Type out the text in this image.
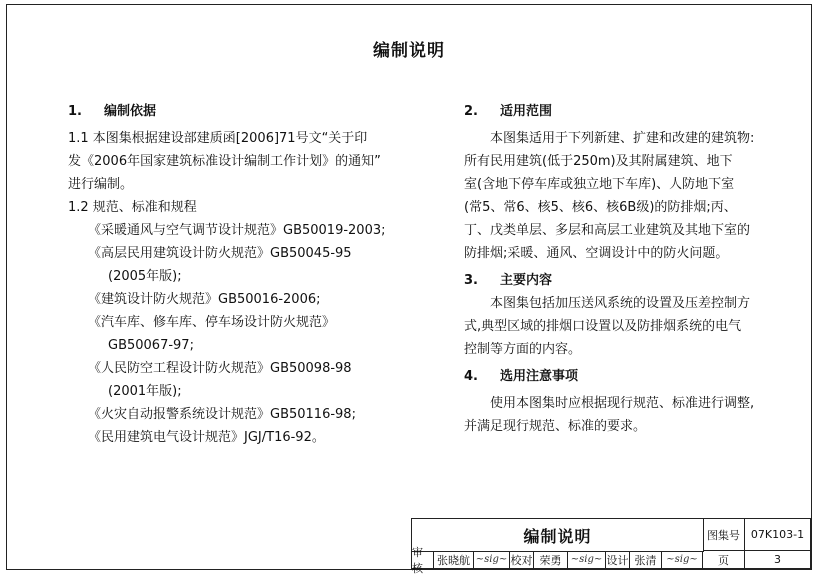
编制说明
1. 编制依据
1.1 本图集根据建设部建质函[2006]71号文“关于印
发《2006年国家建筑标准设计编制工作计划》的通知”
进行编制。
1.2 规范、标准和规程
《采暖通风与空气调节设计规范》GB50019-2003;
《高层民用建筑设计防火规范》GB50045-95
(2005年版);
《建筑设计防火规范》GB50016-2006;
《汽车库、修车库、停车场设计防火规范》
GB50067-97;
《人民防空工程设计防火规范》GB50098-98
(2001年版);
《火灾自动报警系统设计规范》GB50116-98;
《民用建筑电气设计规范》JGJ/T16-92。
2. 适用范围
本图集适用于下列新建、扩建和改建的建筑物:
所有民用建筑(低于250m)及其附属建筑、地下
室(含地下停车库或独立地下车库)、人防地下室
(常5、常6、核5、核6、核6B级)的防排烟;丙、
丁、戊类单层、多层和高层工业建筑及其地下室的
防排烟;采暖、通风、空调设计中的防火问题。
3. 主要内容
本图集包括加压送风系统的设置及压差控制方
式,典型区域的排烟口设置以及防排烟系统的电气
控制等方面的内容。
4. 选用注意事项
使用本图集时应根据现行规范、标准进行调整,
并满足现行规范、标准的要求。
编制说明	图集号 07K103-1
审核
张晓航 ~sig~ 校对 荣勇 ~sig~ 设计 张清 ~sig~	页	3
